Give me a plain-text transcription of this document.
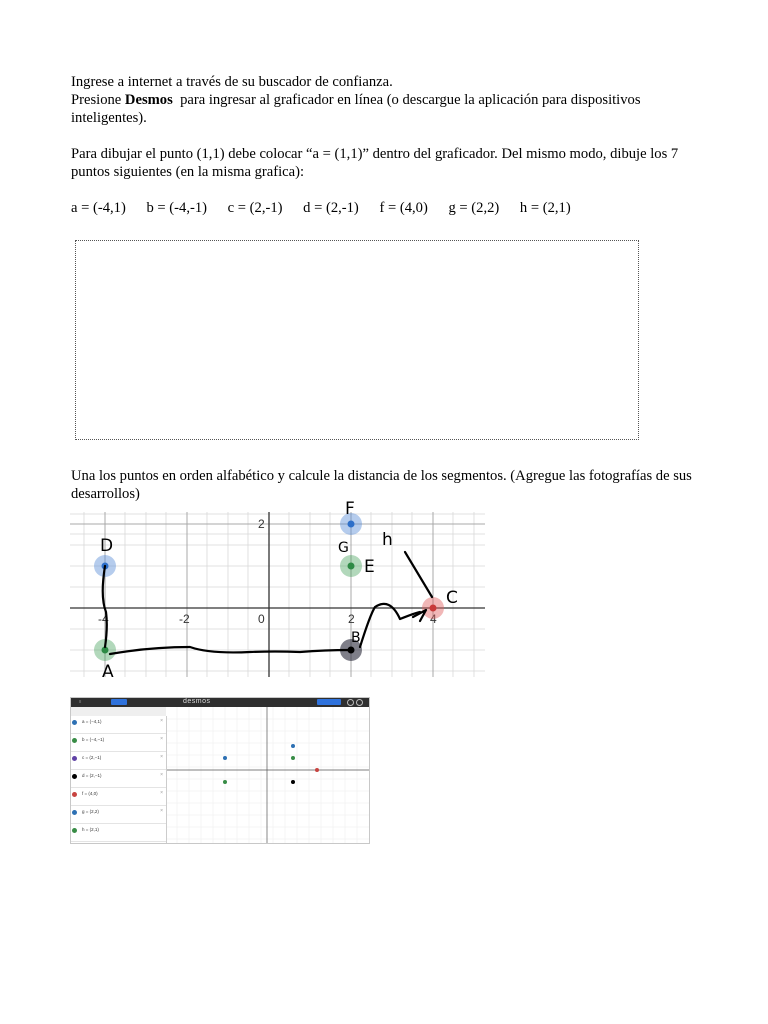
Ingrese a internet a través de su buscador de confianza.
Presione Desmos  para ingresar al graficador en línea (o descargue la aplicación para dispositivos inteligentes).

Para dibujar el punto (1,1) debe colocar “a = (1,1)” dentro del graficador. Del mismo modo, dibuje los 7 puntos siguientes (en la misma grafica):

a = (-4,1) b = (-4,-1) c = (2,-1) d = (2,-1) f = (4,0) g = (2,2) h = (2,1)

Una los puntos en orden alfabético y calcule la distancia de los segmentos. (Agregue las fotografías de sus desarrollos)

-4	-2	0	2	4
2
F
G h
D
E
C
B
A
≡	desmos
a = (−4,1)	×
b = (−4,−1)	×
c = (2,−1)	×
d = (2,−1)	×
f = (4,0)	×
g = (2,2)	×
h = (2,1)
